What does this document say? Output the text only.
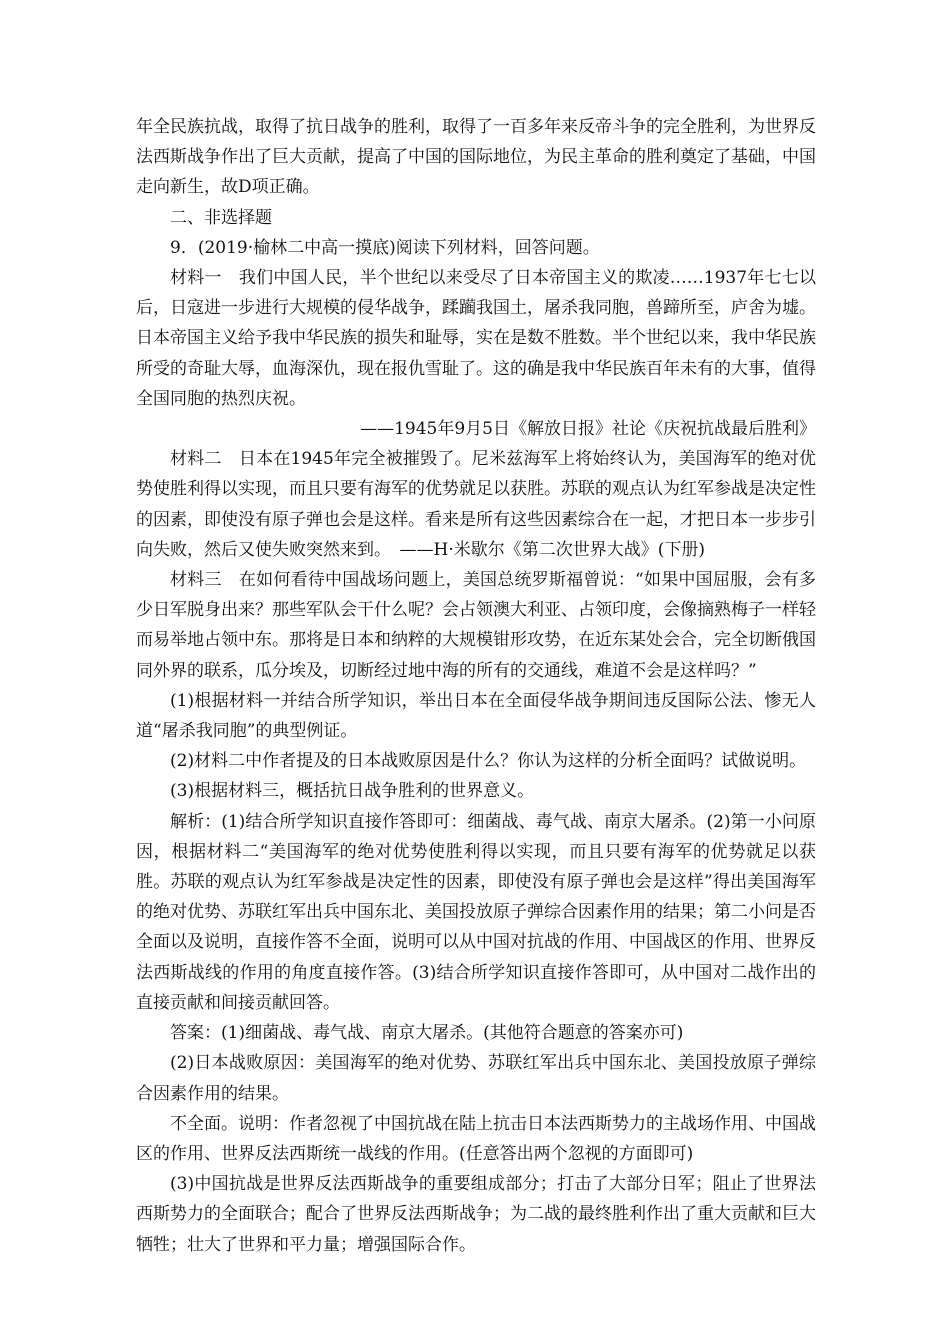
年全民族抗战，取得了抗日战争的胜利，取得了一百多年来反帝斗争的完全胜利，为世界反法西斯战争作出了巨大贡献，提高了中国的国际地位，为民主革命的胜利奠定了基础，中国走向新生，故D项正确。

二、非选择题

9．(2019·榆林二中高一摸底)阅读下列材料，回答问题。

材料一　我们中国人民，半个世纪以来受尽了日本帝国主义的欺凌……1937年七七以后，日寇进一步进行大规模的侵华战争，蹂躏我国土，屠杀我同胞，兽蹄所至，庐舍为墟。日本帝国主义给予我中华民族的损失和耻辱，实在是数不胜数。半个世纪以来，我中华民族所受的奇耻大辱，血海深仇，现在报仇雪耻了。这的确是我中华民族百年未有的大事，值得全国同胞的热烈庆祝。

——1945年9月5日《解放日报》社论《庆祝抗战最后胜利》

材料二　日本在1945年完全被摧毁了。尼米兹海军上将始终认为，美国海军的绝对优势使胜利得以实现，而且只要有海军的优势就足以获胜。苏联的观点认为红军参战是决定性的因素，即使没有原子弹也会是这样。看来是所有这些因素综合在一起，才把日本一步步引向失败，然后又使失败突然来到。　——H·米歇尔《第二次世界大战》(下册)

材料三　在如何看待中国战场问题上，美国总统罗斯福曾说：“如果中国屈服，会有多少日军脱身出来？那些军队会干什么呢？会占领澳大利亚、占领印度，会像摘熟梅子一样轻而易举地占领中东。那将是日本和纳粹的大规模钳形攻势，在近东某处会合，完全切断俄国同外界的联系，瓜分埃及，切断经过地中海的所有的交通线，难道不会是这样吗？”

(1)根据材料一并结合所学知识，举出日本在全面侵华战争期间违反国际公法、惨无人道“屠杀我同胞”的典型例证。

(2)材料二中作者提及的日本战败原因是什么？你认为这样的分析全面吗？试做说明。

(3)根据材料三，概括抗日战争胜利的世界意义。

解析：(1)结合所学知识直接作答即可：细菌战、毒气战、南京大屠杀。(2)第一小问原因，根据材料二“美国海军的绝对优势使胜利得以实现，而且只要有海军的优势就足以获胜。苏联的观点认为红军参战是决定性的因素，即使没有原子弹也会是这样”得出美国海军的绝对优势、苏联红军出兵中国东北、美国投放原子弹综合因素作用的结果；第二小问是否全面以及说明，直接作答不全面，说明可以从中国对抗战的作用、中国战区的作用、世界反法西斯战线的作用的角度直接作答。(3)结合所学知识直接作答即可，从中国对二战作出的直接贡献和间接贡献回答。

答案：(1)细菌战、毒气战、南京大屠杀。(其他符合题意的答案亦可)

(2)日本战败原因：美国海军的绝对优势、苏联红军出兵中国东北、美国投放原子弹综合因素作用的结果。

不全面。说明：作者忽视了中国抗战在陆上抗击日本法西斯势力的主战场作用、中国战区的作用、世界反法西斯统一战线的作用。(任意答出两个忽视的方面即可)

(3)中国抗战是世界反法西斯战争的重要组成部分；打击了大部分日军；阻止了世界法西斯势力的全面联合；配合了世界反法西斯战争；为二战的最终胜利作出了重大贡献和巨大牺牲；壮大了世界和平力量；增强国际合作。
